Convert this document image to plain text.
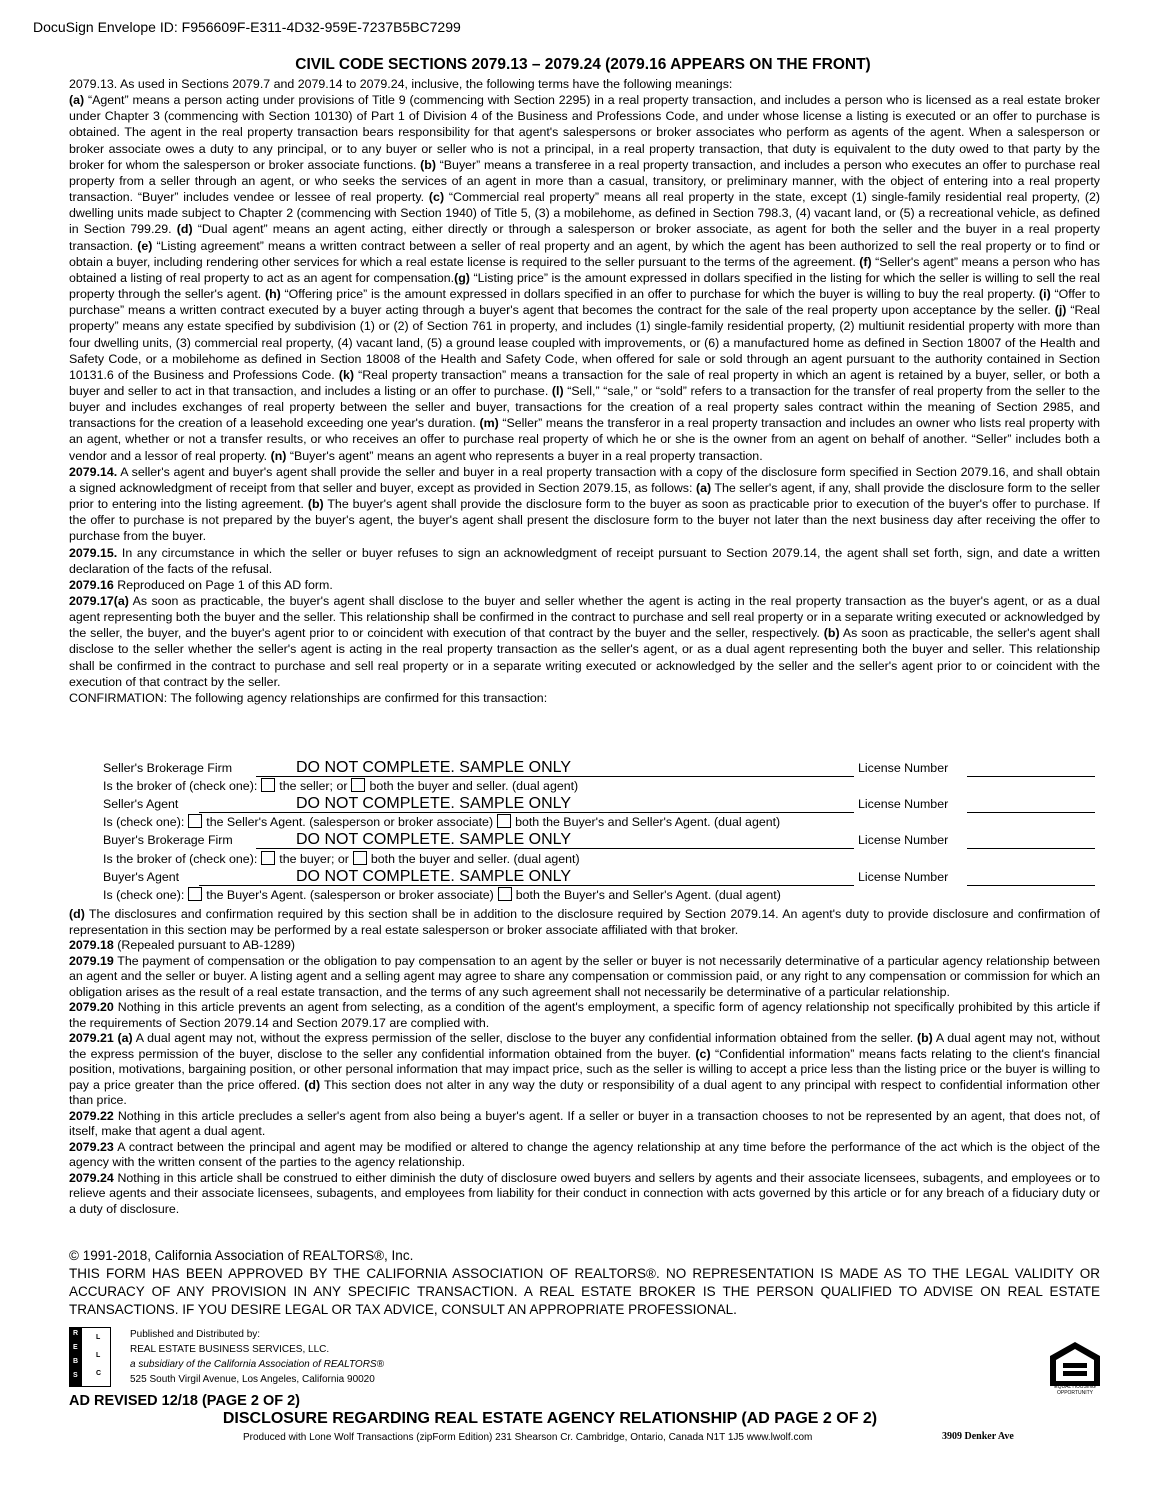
DocuSign Envelope ID: F956609F-E311-4D32-959E-7237B5BC7299
CIVIL CODE SECTIONS 2079.13 – 2079.24 (2079.16 APPEARS ON THE FRONT)

2079.13. As used in Sections 2079.7 and 2079.14 to 2079.24, inclusive, the following terms have the following meanings:
(a) “Agent” means a person acting under provisions of Title 9 (commencing with Section 2295) in a real property transaction, and includes a person who is licensed as a real estate broker under Chapter 3 (commencing with Section 10130) of Part 1 of Division 4 of the Business and Professions Code, and under whose license a listing is executed or an offer to purchase is obtained. The agent in the real property transaction bears responsibility for that agent's salespersons or broker associates who perform as agents of the agent. When a salesperson or broker associate owes a duty to any principal, or to any buyer or seller who is not a principal, in a real property transaction, that duty is equivalent to the duty owed to that party by the broker for whom the salesperson or broker associate functions. (b) “Buyer” means a transferee in a real property transaction, and includes a person who executes an offer to purchase real property from a seller through an agent, or who seeks the services of an agent in more than a casual, transitory, or preliminary manner, with the object of entering into a real property transaction. “Buyer” includes vendee or lessee of real property. (c) “Commercial real property” means all real property in the state, except (1) single-family residential real property, (2) dwelling units made subject to Chapter 2 (commencing with Section 1940) of Title 5, (3) a mobilehome, as defined in Section 798.3, (4) vacant land, or (5) a recreational vehicle, as defined in Section 799.29. (d) “Dual agent” means an agent acting, either directly or through a salesperson or broker associate, as agent for both the seller and the buyer in a real property transaction. (e) “Listing agreement” means a written contract between a seller of real property and an agent, by which the agent has been authorized to sell the real property or to find or obtain a buyer, including rendering other services for which a real estate license is required to the seller pursuant to the terms of the agreement. (f) “Seller's agent” means a person who has obtained a listing of real property to act as an agent for compensation.(g) “Listing price” is the amount expressed in dollars specified in the listing for which the seller is willing to sell the real property through the seller's agent. (h) “Offering price” is the amount expressed in dollars specified in an offer to purchase for which the buyer is willing to buy the real property. (i) “Offer to purchase” means a written contract executed by a buyer acting through a buyer's agent that becomes the contract for the sale of the real property upon acceptance by the seller. (j) “Real property” means any estate specified by subdivision (1) or (2) of Section 761 in property, and includes (1) single-family residential property, (2) multiunit residential property with more than four dwelling units, (3) commercial real property, (4) vacant land, (5) a ground lease coupled with improvements, or (6) a manufactured home as defined in Section 18007 of the Health and Safety Code, or a mobilehome as defined in Section 18008 of the Health and Safety Code, when offered for sale or sold through an agent pursuant to the authority contained in Section 10131.6 of the Business and Professions Code. (k) “Real property transaction” means a transaction for the sale of real property in which an agent is retained by a buyer, seller, or both a buyer and seller to act in that transaction, and includes a listing or an offer to purchase. (l) “Sell,” “sale,” or “sold” refers to a transaction for the transfer of real property from the seller to the buyer and includes exchanges of real property between the seller and buyer, transactions for the creation of a real property sales contract within the meaning of Section 2985, and transactions for the creation of a leasehold exceeding one year's duration. (m) “Seller” means the transferor in a real property transaction and includes an owner who lists real property with an agent, whether or not a transfer results, or who receives an offer to purchase real property of which he or she is the owner from an agent on behalf of another. “Seller” includes both a vendor and a lessor of real property. (n) “Buyer's agent” means an agent who represents a buyer in a real property transaction.

2079.14. A seller's agent and buyer's agent shall provide the seller and buyer in a real property transaction with a copy of the disclosure form specified in Section 2079.16, and shall obtain a signed acknowledgment of receipt from that seller and buyer, except as provided in Section 2079.15, as follows: (a) The seller's agent, if any, shall provide the disclosure form to the seller prior to entering into the listing agreement. (b) The buyer's agent shall provide the disclosure form to the buyer as soon as practicable prior to execution of the buyer's offer to purchase. If the offer to purchase is not prepared by the buyer's agent, the buyer's agent shall present the disclosure form to the buyer not later than the next business day after receiving the offer to purchase from the buyer.

2079.15. In any circumstance in which the seller or buyer refuses to sign an acknowledgment of receipt pursuant to Section 2079.14, the agent shall set forth, sign, and date a written declaration of the facts of the refusal.

2079.16 Reproduced on Page 1 of this AD form.

2079.17(a) As soon as practicable, the buyer's agent shall disclose to the buyer and seller whether the agent is acting in the real property transaction as the buyer's agent, or as a dual agent representing both the buyer and the seller. This relationship shall be confirmed in the contract to purchase and sell real property or in a separate writing executed or acknowledged by the seller, the buyer, and the buyer's agent prior to or coincident with execution of that contract by the buyer and the seller, respectively. (b) As soon as practicable, the seller's agent shall disclose to the seller whether the seller's agent is acting in the real property transaction as the seller's agent, or as a dual agent representing both the buyer and seller. This relationship shall be confirmed in the contract to purchase and sell real property or in a separate writing executed or acknowledged by the seller and the seller's agent prior to or coincident with the execution of that contract by the seller.

CONFIRMATION: The following agency relationships are confirmed for this transaction:

Seller's Brokerage Firm	DO NOT COMPLETE. SAMPLE ONLY	License Number
Is the broker of (check one): the seller; or both the buyer and seller. (dual agent)
Seller's Agent	DO NOT COMPLETE. SAMPLE ONLY	License Number
Is (check one): the Seller's Agent. (salesperson or broker associate) both the Buyer's and Seller's Agent. (dual agent)
Buyer's Brokerage Firm	DO NOT COMPLETE. SAMPLE ONLY	License Number
Is the broker of (check one): the buyer; or both the buyer and seller. (dual agent)
Buyer's Agent	DO NOT COMPLETE. SAMPLE ONLY	License Number
Is (check one): the Buyer's Agent. (salesperson or broker associate) both the Buyer's and Seller's Agent. (dual agent)

(d) The disclosures and confirmation required by this section shall be in addition to the disclosure required by Section 2079.14. An agent's duty to provide disclosure and confirmation of representation in this section may be performed by a real estate salesperson or broker associate affiliated with that broker.

2079.18 (Repealed pursuant to AB-1289)

2079.19 The payment of compensation or the obligation to pay compensation to an agent by the seller or buyer is not necessarily determinative of a particular agency relationship between an agent and the seller or buyer. A listing agent and a selling agent may agree to share any compensation or commission paid, or any right to any compensation or commission for which an obligation arises as the result of a real estate transaction, and the terms of any such agreement shall not necessarily be determinative of a particular relationship.

2079.20 Nothing in this article prevents an agent from selecting, as a condition of the agent's employment, a specific form of agency relationship not specifically prohibited by this article if the requirements of Section 2079.14 and Section 2079.17 are complied with.

2079.21 (a) A dual agent may not, without the express permission of the seller, disclose to the buyer any confidential information obtained from the seller. (b) A dual agent may not, without the express permission of the buyer, disclose to the seller any confidential information obtained from the buyer. (c) “Confidential information” means facts relating to the client's financial position, motivations, bargaining position, or other personal information that may impact price, such as the seller is willing to accept a price less than the listing price or the buyer is willing to pay a price greater than the price offered. (d) This section does not alter in any way the duty or responsibility of a dual agent to any principal with respect to confidential information other than price.

2079.22 Nothing in this article precludes a seller's agent from also being a buyer's agent. If a seller or buyer in a transaction chooses to not be represented by an agent, that does not, of itself, make that agent a dual agent.

2079.23 A contract between the principal and agent may be modified or altered to change the agency relationship at any time before the performance of the act which is the object of the agency with the written consent of the parties to the agency relationship.

2079.24 Nothing in this article shall be construed to either diminish the duty of disclosure owed buyers and sellers by agents and their associate licensees, subagents, and employees or to relieve agents and their associate licensees, subagents, and employees from liability for their conduct in connection with acts governed by this article or for any breach of a fiduciary duty or a duty of disclosure.

© 1991-2018, California Association of REALTORS®, Inc.

THIS FORM HAS BEEN APPROVED BY THE CALIFORNIA ASSOCIATION OF REALTORS®. NO REPRESENTATION IS MADE AS TO THE LEGAL VALIDITY OR ACCURACY OF ANY PROVISION IN ANY SPECIFIC TRANSACTION. A REAL ESTATE BROKER IS THE PERSON QUALIFIED TO ADVISE ON REAL ESTATE TRANSACTIONS. IF YOU DESIRE LEGAL OR TAX ADVICE, CONSULT AN APPROPRIATE PROFESSIONAL.

R
E
B
S
L
L
C
Published and Distributed by:
REAL ESTATE BUSINESS SERVICES, LLC.
a subsidiary of the California Association of REALTORS®
525 South Virgil Avenue, Los Angeles, California 90020
EQUAL HOUSING OPPORTUNITY
AD REVISED 12/18 (PAGE 2 OF 2)
DISCLOSURE REGARDING REAL ESTATE AGENCY RELATIONSHIP (AD PAGE 2 OF 2)
Produced with Lone Wolf Transactions (zipForm Edition) 231 Shearson Cr. Cambridge, Ontario, Canada N1T 1J5 www.lwolf.com	3909 Denker Ave
